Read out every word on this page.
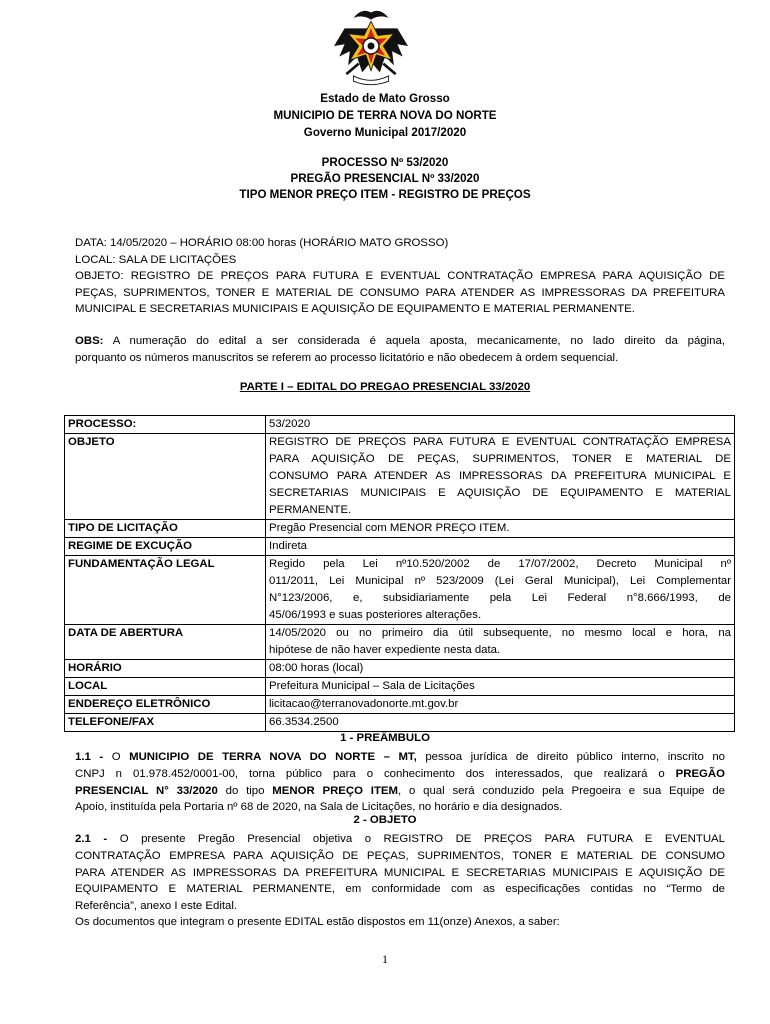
Estado de Mato Grosso
MUNICIPIO DE TERRA NOVA DO NORTE
Governo Municipal 2017/2020
PROCESSO Nº 53/2020
PREGÃO PRESENCIAL Nº 33/2020
TIPO MENOR PREÇO ITEM - REGISTRO DE PREÇOS
DATA: 14/05/2020 – HORÁRIO 08:00 horas (HORÁRIO MATO GROSSO)
LOCAL: SALA DE LICITAÇÕES
OBJETO: REGISTRO DE PREÇOS PARA FUTURA E EVENTUAL CONTRATAÇÃO EMPRESA PARA AQUISIÇÃO DE
PEÇAS, SUPRIMENTOS, TONER E MATERIAL DE CONSUMO PARA ATENDER AS IMPRESSORAS DA PREFEITURA
MUNICIPAL E SECRETARIAS MUNICIPAIS E AQUISIÇÃO DE EQUIPAMENTO E MATERIAL PERMANENTE.
OBS: A numeração do edital a ser considerada é aquela aposta, mecanicamente, no lado direito da página,
porquanto os números manuscritos se referem ao processo licitatório e não obedecem à ordem sequencial.
PARTE I – EDITAL DO PREGAO PRESENCIAL 33/2020
PROCESSO:	53/2020

OBJETO	REGISTRO DE PREÇOS PARA FUTURA E EVENTUAL CONTRATAÇÃO EMPRESA
PARA AQUISIÇÃO DE PEÇAS, SUPRIMENTOS, TONER E MATERIAL DE
CONSUMO PARA ATENDER AS IMPRESSORAS DA PREFEITURA MUNICIPAL E
SECRETARIAS MUNICIPAIS E AQUISIÇÃO DE EQUIPAMENTO E MATERIAL
PERMANENTE.

TIPO DE LICITAÇÃO	Pregão Presencial com MENOR PREÇO ITEM.

REGIME DE EXCUÇÃO	Indireta

FUNDAMENTAÇÃO LEGAL	Regido pela Lei nº10.520/2002 de 17/07/2002, Decreto Municipal nº
011/2011, Lei Municipal nº 523/2009 (Lei Geral Municipal), Lei Complementar
N°123/2006, e, subsidiariamente pela Lei Federal n°8.666/1993, de
45/06/1993 e suas posteriores alterações.

DATA DE ABERTURA	14/05/2020 ou no primeiro dia útil subsequente, no mesmo local e hora, na
hipótese de não haver expediente nesta data.

HORÁRIO	08:00 horas (local)

LOCAL	Prefeitura Municipal – Sala de Licitações

ENDEREÇO ELETRÔNICO	licitacao@terranovadonorte.mt.gov.br

TELEFONE/FAX	66.3534.2500
1 - PREÂMBULO
1.1 - O MUNICIPIO DE TERRA NOVA DO NORTE – MT, pessoa jurídica de direito público interno, inscrito no
CNPJ n 01.978.452/0001-00, torna público para o conhecimento dos interessados, que realizará o PREGÃO
PRESENCIAL N° 33/2020 do tipo MENOR PREÇO ITEM, o qual será conduzido pela Pregoeira e sua Equipe de
Apoio, instituída pela Portaria nº 68 de 2020, na Sala de Licitações, no horário e dia designados.
2 - OBJETO
2.1 - O presente Pregão Presencial objetiva o REGISTRO DE PREÇOS PARA FUTURA E EVENTUAL
CONTRATAÇÃO EMPRESA PARA AQUISIÇÃO DE PEÇAS, SUPRIMENTOS, TONER E MATERIAL DE CONSUMO
PARA ATENDER AS IMPRESSORAS DA PREFEITURA MUNICIPAL E SECRETARIAS MUNICIPAIS E AQUISIÇÃO DE
EQUIPAMENTO E MATERIAL PERMANENTE, em conformidade com as especificações contidas no “Termo de
Referência”, anexo I este Edital.
Os documentos que integram o presente EDITAL estão dispostos em 11(onze) Anexos, a saber:
1
